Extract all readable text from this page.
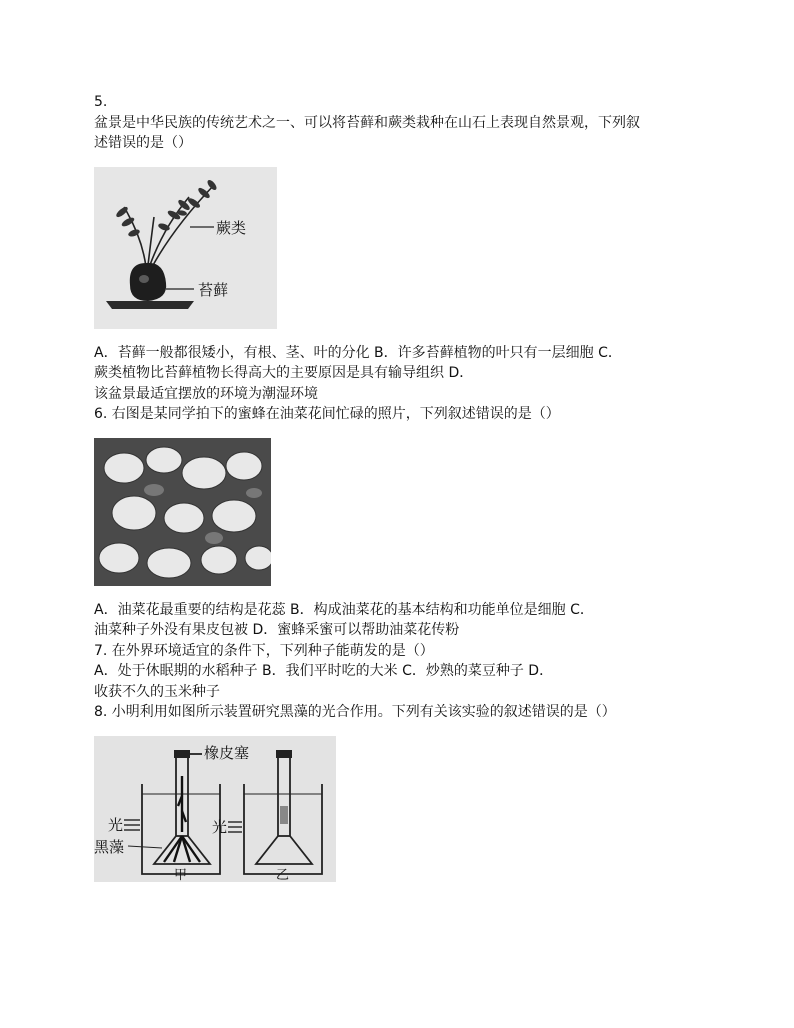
5.

盆景是中华民族的传统艺术之一、可以将苔藓和蕨类栽种在山石上表现自然景观，下列叙

述错误的是（）

蕨类
苔藓

A．苔藓一般都很矮小，有根、茎、叶的分化 B．许多苔藓植物的叶只有一层细胞 C．

蕨类植物比苔藓植物长得高大的主要原因是具有输导组织 D．

该盆景最适宜摆放的环境为潮湿环境

6. 右图是某同学拍下的蜜蜂在油菜花间忙碌的照片，下列叙述错误的是（）

A．油菜花最重要的结构是花蕊 B．构成油菜花的基本结构和功能单位是细胞 C．

油菜种子外没有果皮包被 D．蜜蜂采蜜可以帮助油菜花传粉

7. 在外界环境适宜的条件下，下列种子能萌发的是（）

A．处于休眠期的水稻种子 B．我们平时吃的大米 C．炒熟的菜豆种子 D．

收获不久的玉米种子

8. 小明利用如图所示装置研究黑藻的光合作用。下列有关该实验的叙述错误的是（）

橡皮塞
光	光
黑藻
甲	乙
